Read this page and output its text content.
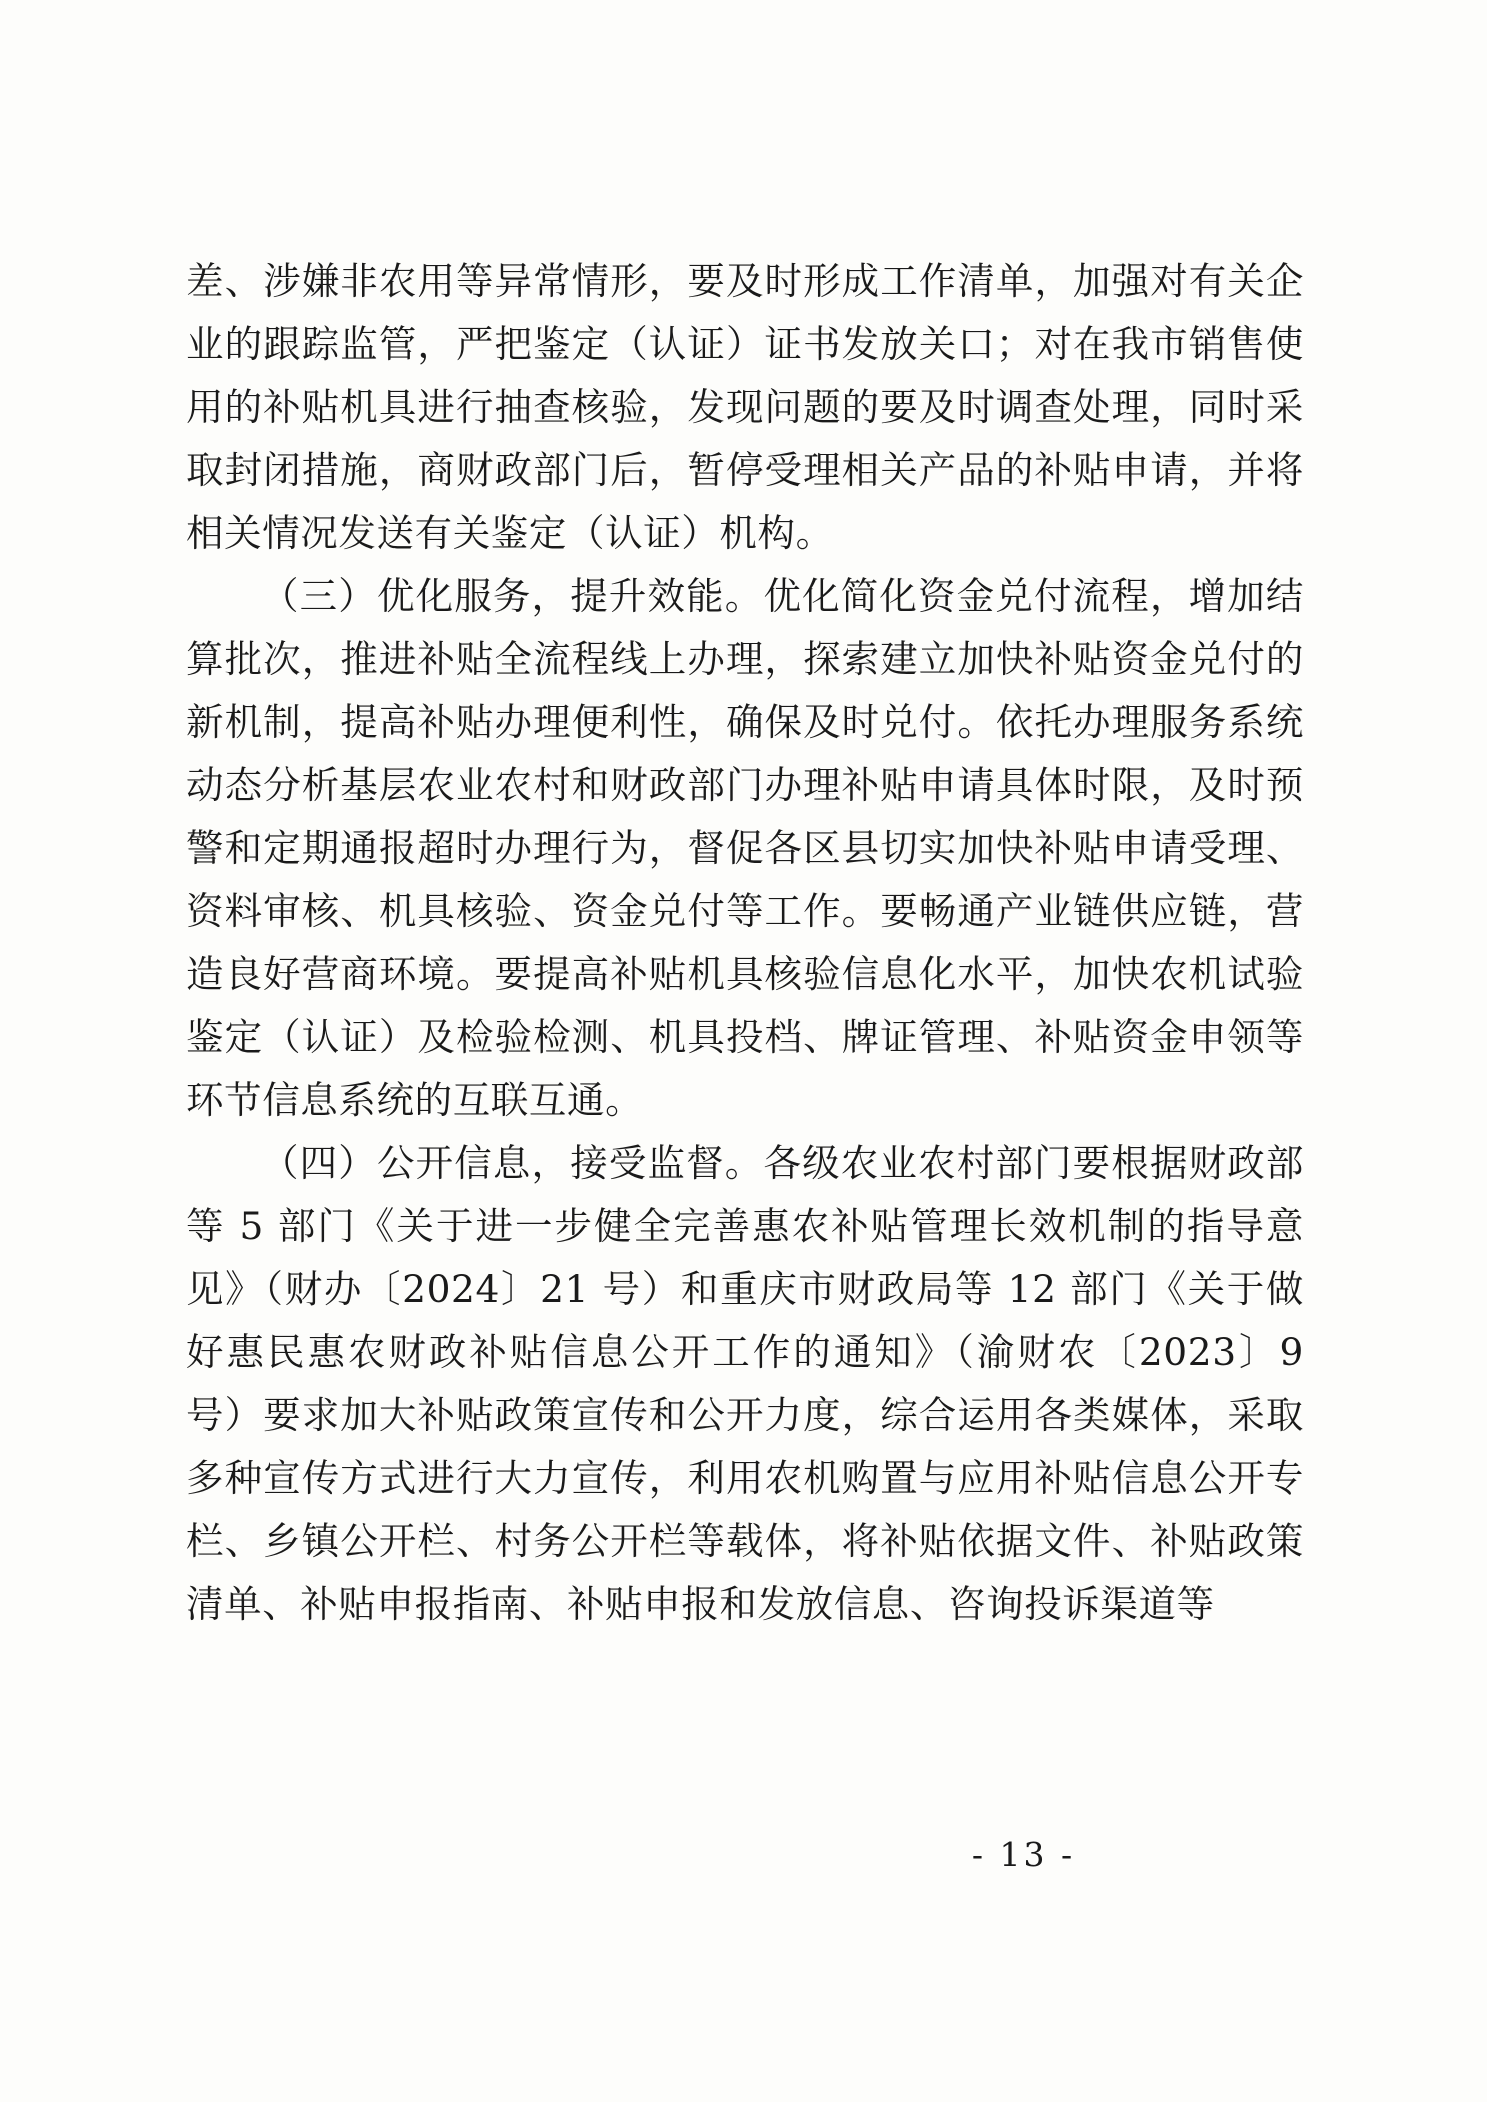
差、涉嫌非农用等异常情形，要及时形成工作清单，加强对有关企业的跟踪监管，严把鉴定（认证）证书发放关口；对在我市销售使用的补贴机具进行抽查核验，发现问题的要及时调查处理，同时采取封闭措施，商财政部门后，暂停受理相关产品的补贴申请，并将相关情况发送有关鉴定（认证）机构。

（三）优化服务，提升效能。优化简化资金兑付流程，增加结算批次，推进补贴全流程线上办理，探索建立加快补贴资金兑付的新机制，提高补贴办理便利性，确保及时兑付。依托办理服务系统动态分析基层农业农村和财政部门办理补贴申请具体时限，及时预警和定期通报超时办理行为，督促各区县切实加快补贴申请受理、资料审核、机具核验、资金兑付等工作。要畅通产业链供应链，营造良好营商环境。要提高补贴机具核验信息化水平，加快农机试验鉴定（认证）及检验检测、机具投档、牌证管理、补贴资金申领等环节信息系统的互联互通。

（四）公开信息，接受监督。各级农业农村部门要根据财政部等 5 部门《关于进一步健全完善惠农补贴管理长效机制的指导意见》（财办〔2024〕21 号）和重庆市财政局等 12 部门《关于做好惠民惠农财政补贴信息公开工作的通知》（渝财农〔2023〕9 号）要求加大补贴政策宣传和公开力度，综合运用各类媒体，采取多种宣传方式进行大力宣传，利用农机购置与应用补贴信息公开专栏、乡镇公开栏、村务公开栏等载体，将补贴依据文件、补贴政策清单、补贴申报指南、补贴申报和发放信息、咨询投诉渠道等

- 13 -
